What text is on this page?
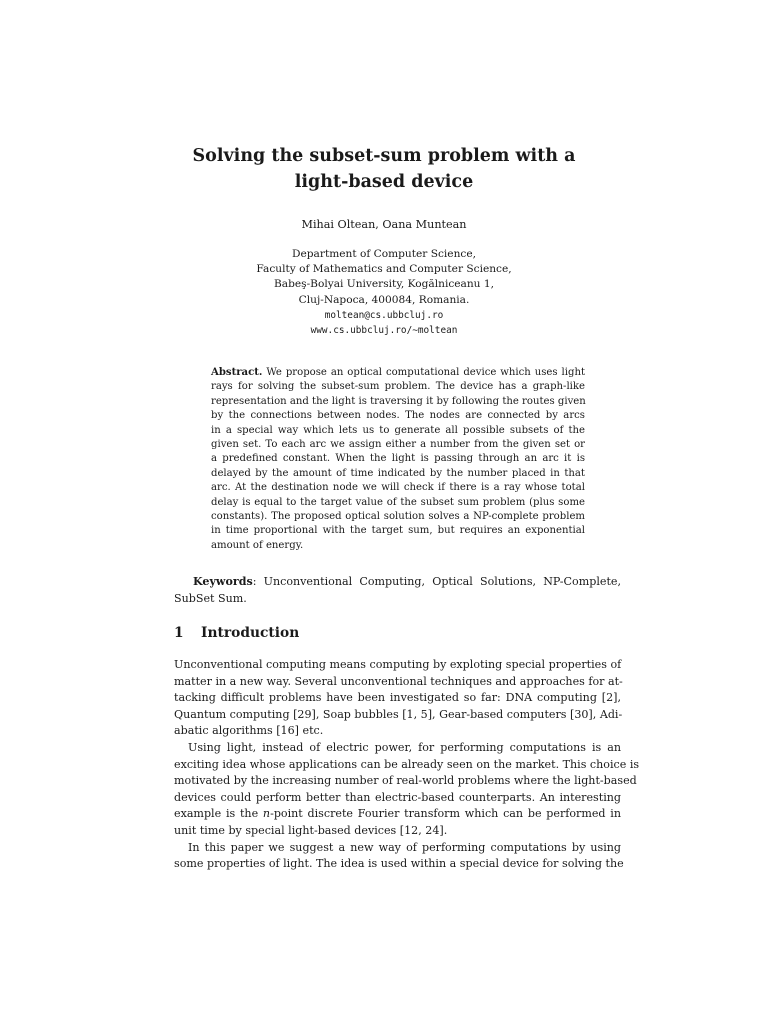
Solving the subset-sum problem with a
light-based device
Mihai Oltean, Oana Muntean
Department of Computer Science,
Faculty of Mathematics and Computer Science,
Babeş-Bolyai University, Kogălniceanu 1,
Cluj-Napoca, 400084, Romania.
moltean@cs.ubbcluj.ro
www.cs.ubbcluj.ro/∼moltean
Abstract. We propose an optical computational device which uses light
rays for solving the subset-sum problem. The device has a graph-like
representation and the light is traversing it by following the routes given
by the connections between nodes. The nodes are connected by arcs
in a special way which lets us to generate all possible subsets of the
given set. To each arc we assign either a number from the given set or
a predefined constant. When the light is passing through an arc it is
delayed by the amount of time indicated by the number placed in that
arc. At the destination node we will check if there is a ray whose total
delay is equal to the target value of the subset sum problem (plus some
constants). The proposed optical solution solves a NP-complete problem
in time proportional with the target sum, but requires an exponential
amount of energy.
Keywords: Unconventional Computing, Optical Solutions, NP-Complete,
SubSet Sum.
1 Introduction
Unconventional computing means computing by exploting special properties of
matter in a new way. Several unconventional techniques and approaches for at-
tacking difficult problems have been investigated so far: DNA computing [2],
Quantum computing [29], Soap bubbles [1, 5], Gear-based computers [30], Adi-
abatic algorithms [16] etc.
Using light, instead of electric power, for performing computations is an
exciting idea whose applications can be already seen on the market. This choice is
motivated by the increasing number of real-world problems where the light-based
devices could perform better than electric-based counterparts. An interesting
example is the n-point discrete Fourier transform which can be performed in
unit time by special light-based devices [12, 24].
In this paper we suggest a new way of performing computations by using
some properties of light. The idea is used within a special device for solving the
